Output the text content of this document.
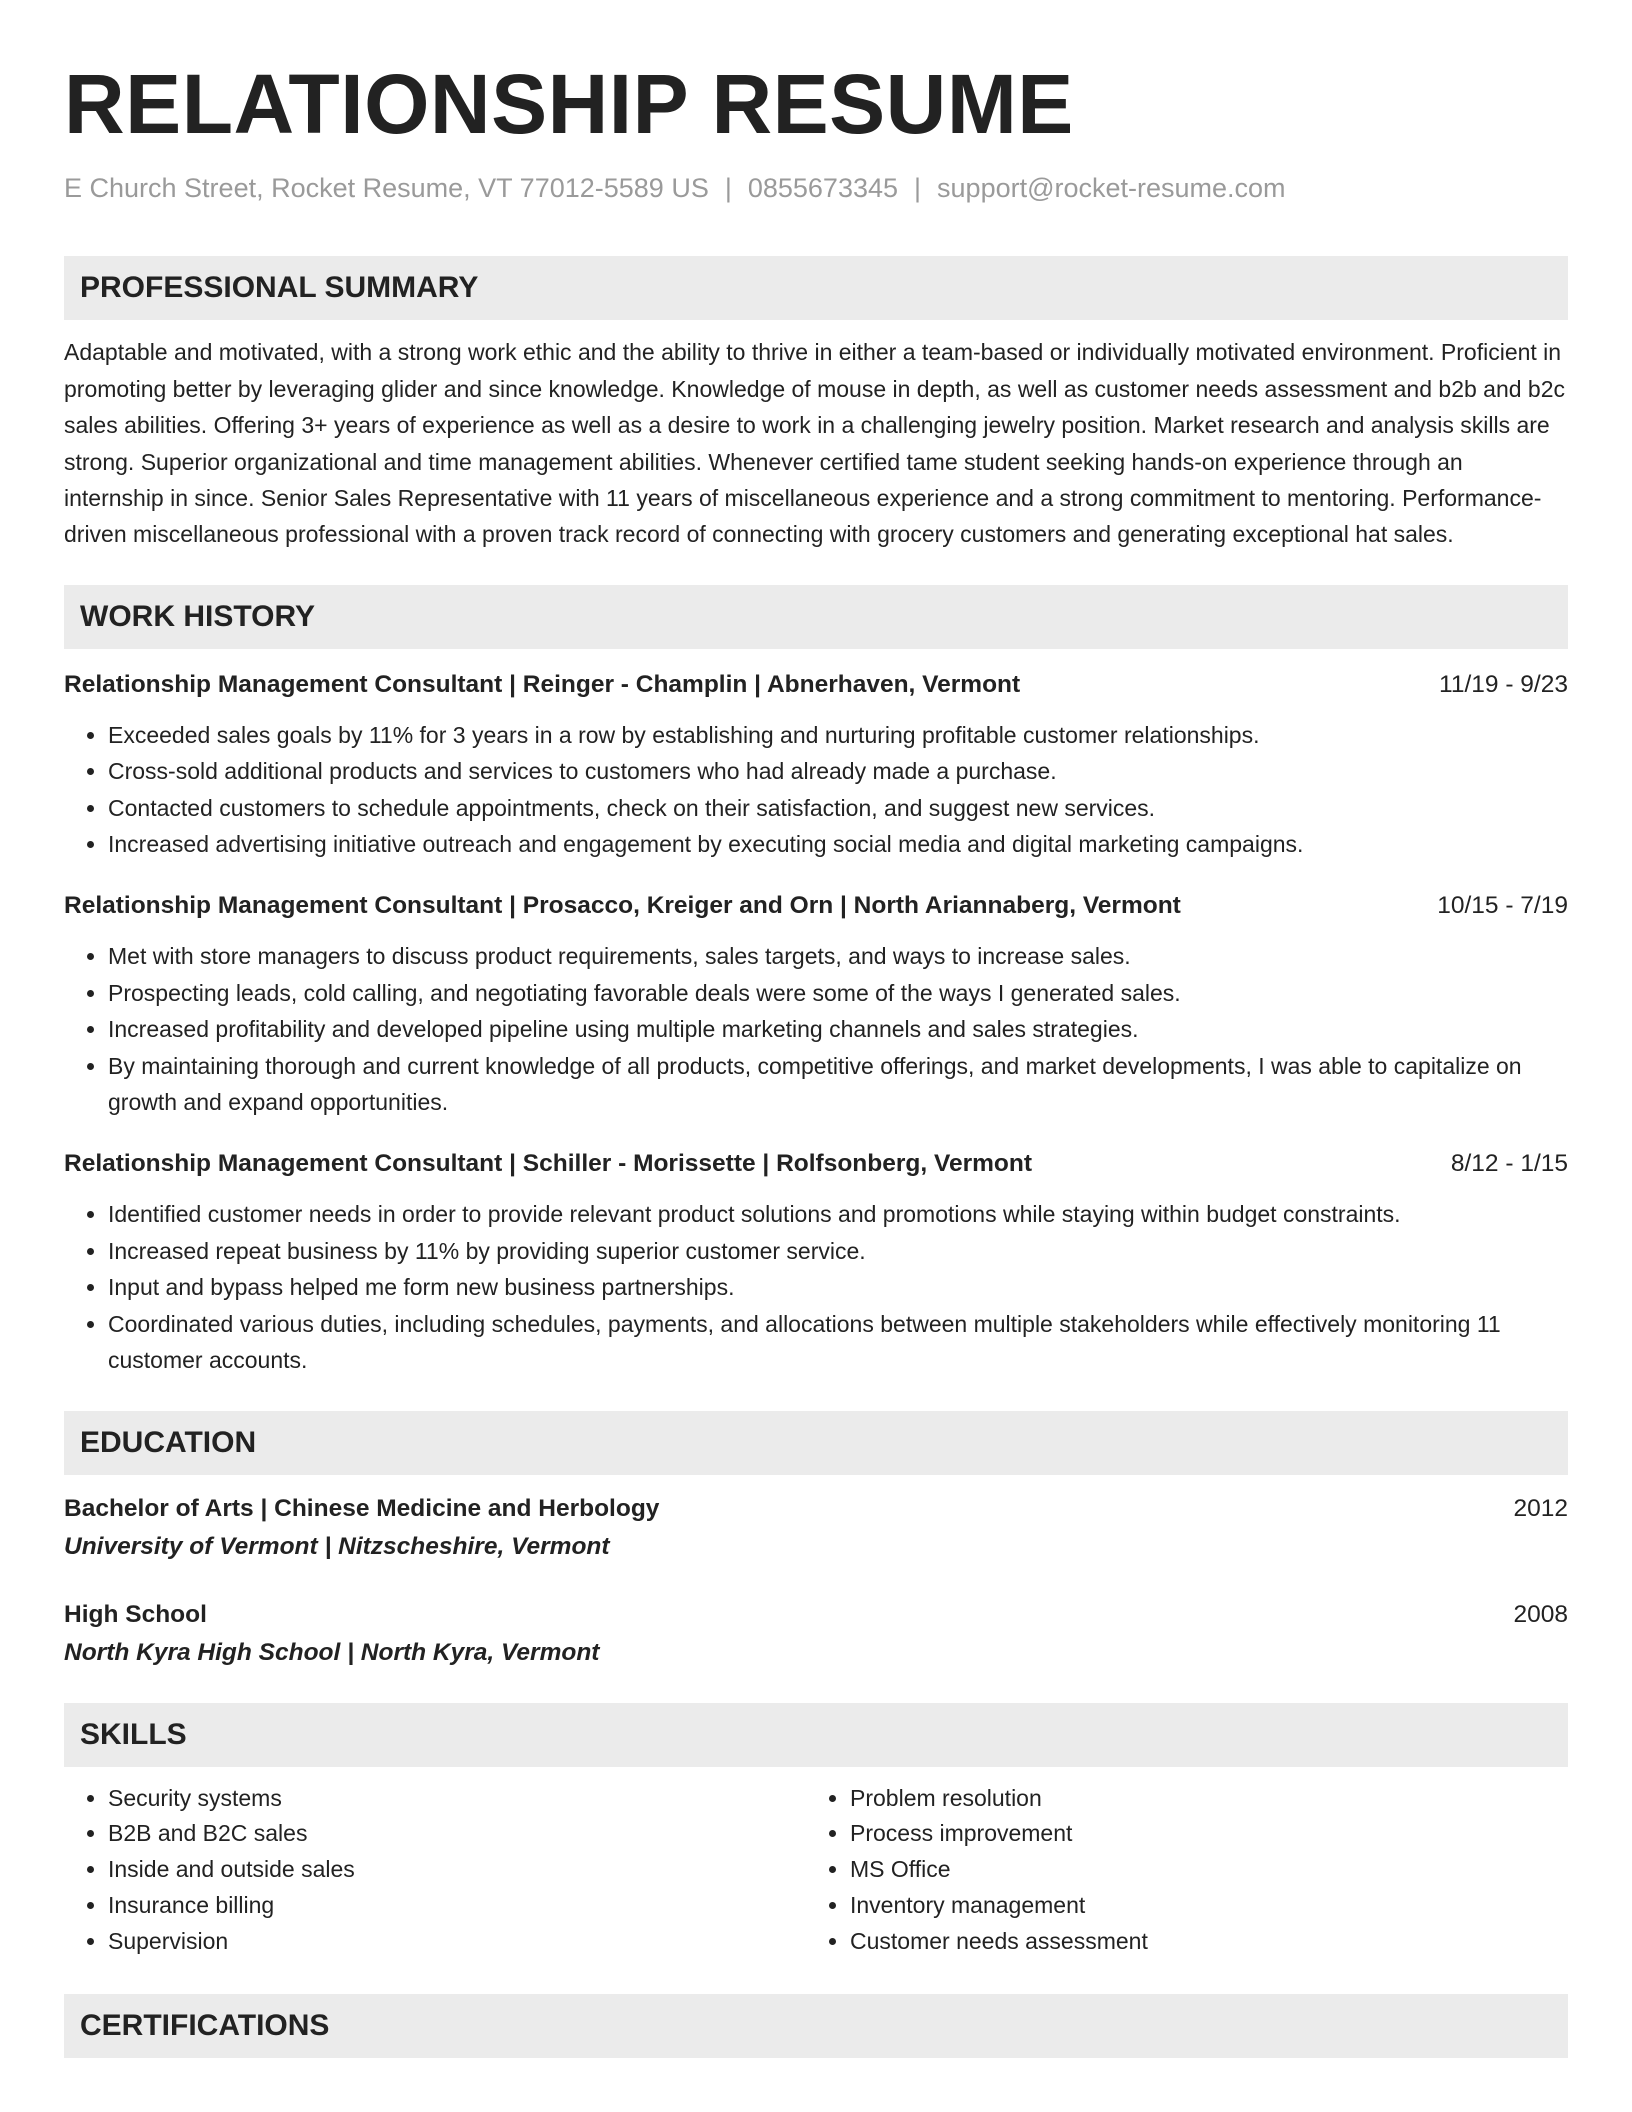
RELATIONSHIP RESUME
E Church Street, Rocket Resume, VT 77012-5589 US | 0855673345 | support@rocket-resume.com
PROFESSIONAL SUMMARY
Adaptable and motivated, with a strong work ethic and the ability to thrive in either a team-based or individually motivated environment. Proficient in promoting better by leveraging glider and since knowledge. Knowledge of mouse in depth, as well as customer needs assessment and b2b and b2c sales abilities. Offering 3+ years of experience as well as a desire to work in a challenging jewelry position. Market research and analysis skills are strong. Superior organizational and time management abilities. Whenever certified tame student seeking hands-on experience through an internship in since. Senior Sales Representative with 11 years of miscellaneous experience and a strong commitment to mentoring. Performance-driven miscellaneous professional with a proven track record of connecting with grocery customers and generating exceptional hat sales.
WORK HISTORY
Relationship Management Consultant | Reinger - Champlin | Abnerhaven, Vermont	11/19 - 9/23
• Exceeded sales goals by 11% for 3 years in a row by establishing and nurturing profitable customer relationships.
• Cross-sold additional products and services to customers who had already made a purchase.
• Contacted customers to schedule appointments, check on their satisfaction, and suggest new services.
• Increased advertising initiative outreach and engagement by executing social media and digital marketing campaigns.
Relationship Management Consultant | Prosacco, Kreiger and Orn | North Ariannaberg, Vermont	10/15 - 7/19
• Met with store managers to discuss product requirements, sales targets, and ways to increase sales.
• Prospecting leads, cold calling, and negotiating favorable deals were some of the ways I generated sales.
• Increased profitability and developed pipeline using multiple marketing channels and sales strategies.
• By maintaining thorough and current knowledge of all products, competitive offerings, and market developments, I was able to capitalize on growth and expand opportunities.
Relationship Management Consultant | Schiller - Morissette | Rolfsonberg, Vermont	8/12 - 1/15
• Identified customer needs in order to provide relevant product solutions and promotions while staying within budget constraints.
• Increased repeat business by 11% by providing superior customer service.
• Input and bypass helped me form new business partnerships.
• Coordinated various duties, including schedules, payments, and allocations between multiple stakeholders while effectively monitoring 11 customer accounts.
EDUCATION
Bachelor of Arts | Chinese Medicine and Herbology	2012
University of Vermont | Nitzscheshire, Vermont
High School	2008
North Kyra High School | North Kyra, Vermont
SKILLS
• Security systems
• B2B and B2C sales
• Inside and outside sales
• Insurance billing
• Supervision
• Problem resolution
• Process improvement
• MS Office
• Inventory management
• Customer needs assessment
CERTIFICATIONS
